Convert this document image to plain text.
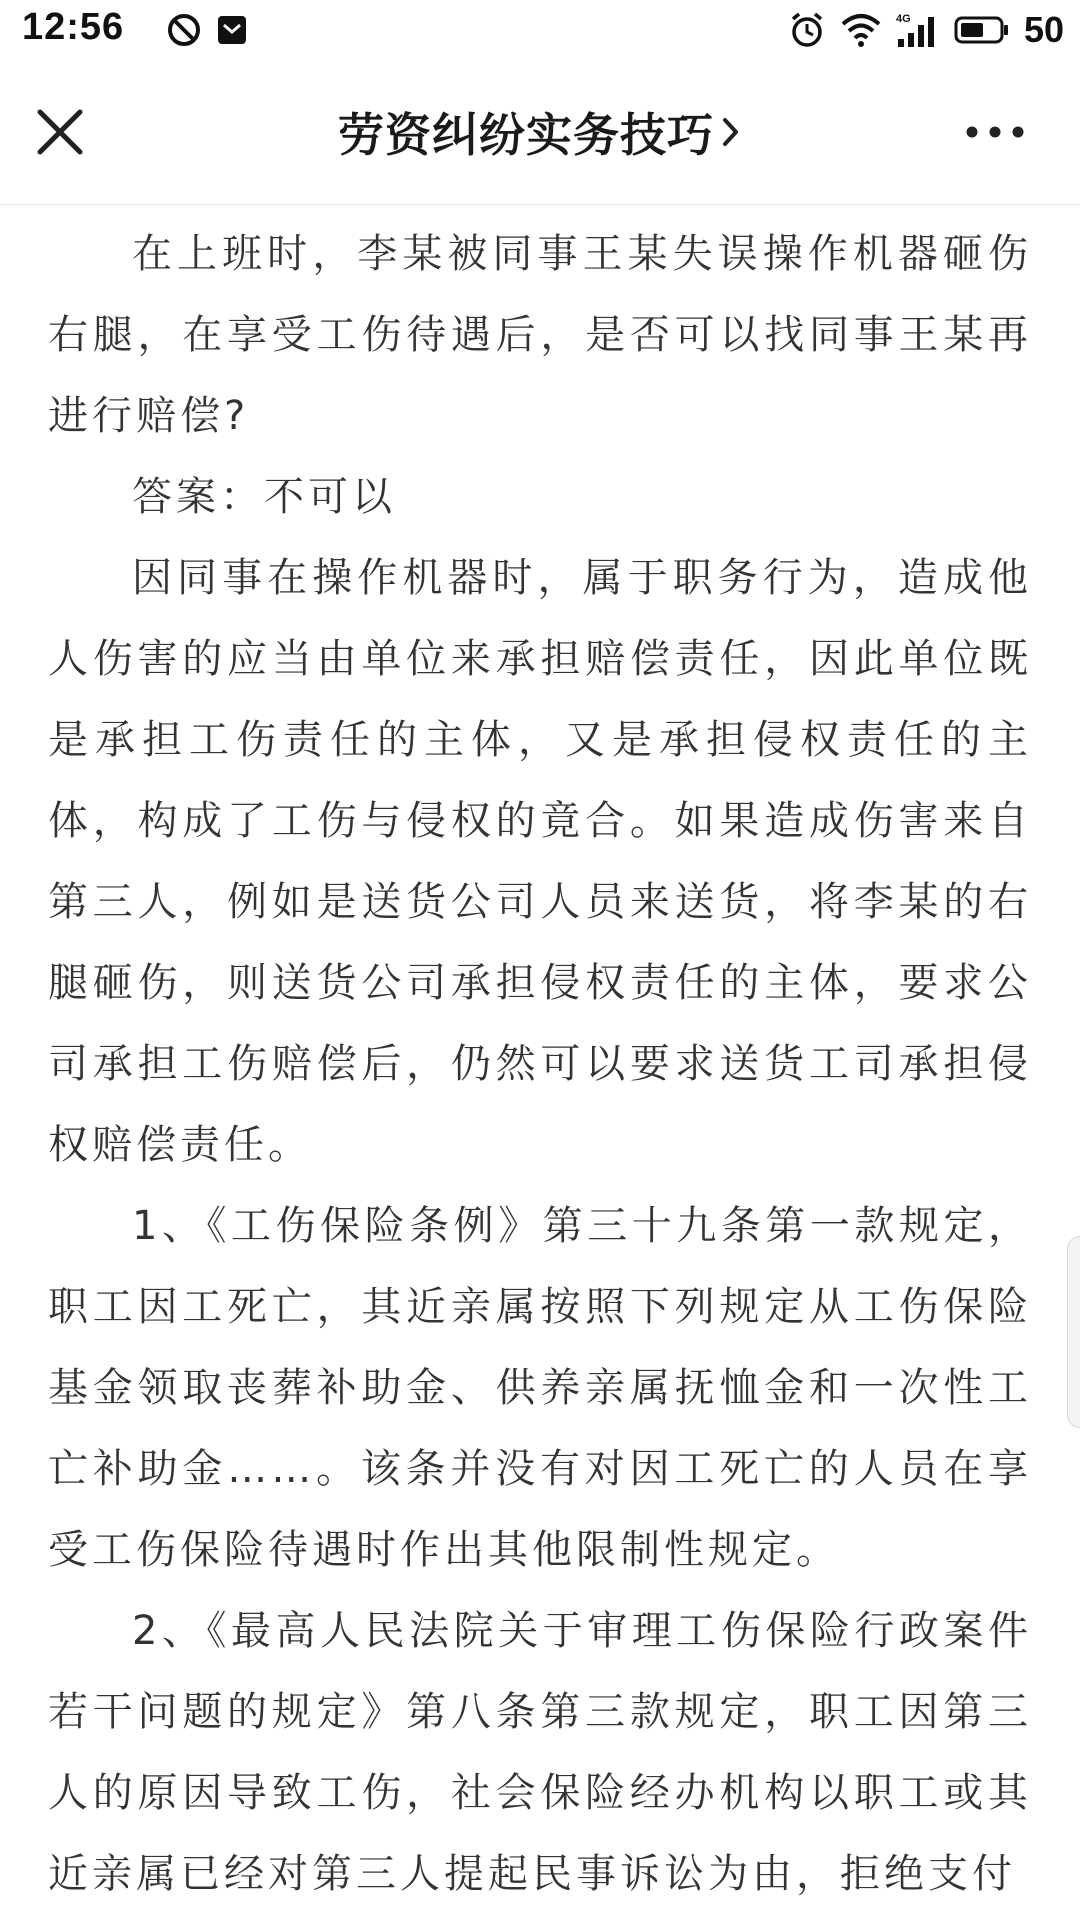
12:56	4G	50
劳资纠纷实务技巧

在上班时，李某被同事王某失误操作机器砸伤右腿，在享受工伤待遇后，是否可以找同事王某再进行赔偿?

答案：不可以

因同事在操作机器时，属于职务行为，造成他人伤害的应当由单位来承担赔偿责任，因此单位既是承担工伤责任的主体，又是承担侵权责任的主体，构成了工伤与侵权的竟合。如果造成伤害来自第三人，例如是送货公司人员来送货，将李某的右腿砸伤，则送货公司承担侵权责任的主体，要求公司承担工伤赔偿后，仍然可以要求送货工司承担侵权赔偿责任。

1、《工伤保险条例》第三十九条第一款规定，职工因工死亡，其近亲属按照下列规定从工伤保险基金领取丧葬补助金、供养亲属抚恤金和一次性工亡补助金……。该条并没有对因工死亡的人员在享受工伤保险待遇时作出其他限制性规定。

2、《最高人民法院关于审理工伤保险行政案件若干问题的规定》第八条第三款规定，职工因第三人的原因导致工伤，社会保险经办机构以职工或其近亲属已经对第三人提起民事诉讼为由，拒绝支付
